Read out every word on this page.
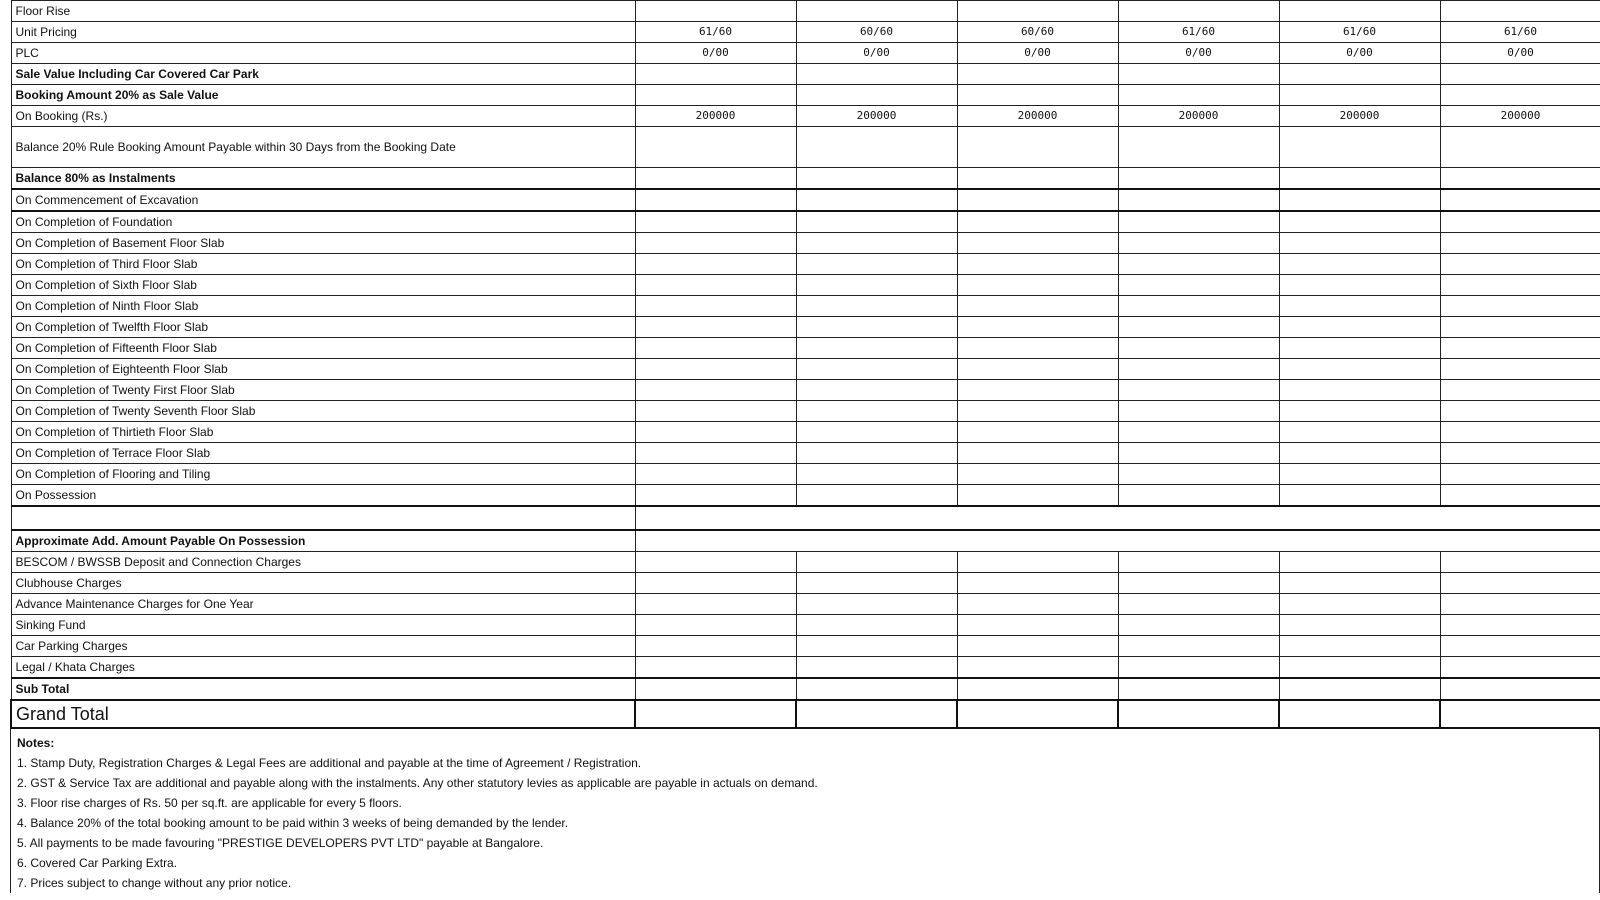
Floor Rise						
Unit Pricing	61/60	60/60	60/60	61/60	61/60	61/60
PLC	0/00	0/00	0/00	0/00	0/00	0/00
Sale Value Including Car Covered Car Park						
Booking Amount 20% as Sale Value						
On Booking (Rs.)	200000	200000	200000	200000	200000	200000
Balance 20% Rule Booking Amount Payable within 30 Days from the Booking Date						
Balance 80% as Instalments						
On Commencement of Excavation						
On Completion of Foundation						
On Completion of Basement Floor Slab						
On Completion of Third Floor Slab						
On Completion of Sixth Floor Slab						
On Completion of Ninth Floor Slab						
On Completion of Twelfth Floor Slab						
On Completion of Fifteenth Floor Slab						
On Completion of Eighteenth Floor Slab						
On Completion of Twenty First Floor Slab						
On Completion of Twenty Seventh Floor Slab						
On Completion of Thirtieth Floor Slab						
On Completion of Terrace Floor Slab						
On Completion of Flooring and Tiling						
On Possession						

Approximate Add. Amount Payable On Possession						
BESCOM / BWSSB Deposit and Connection Charges						
Clubhouse Charges						
Advance Maintenance Charges for One Year						
Sinking Fund						
Car Parking Charges						
Legal / Khata Charges						
Sub Total						
Grand Total						
Notes:
1. Stamp Duty, Registration Charges & Legal Fees are additional and payable at the time of Agreement / Registration.
2. GST & Service Tax are additional and payable along with the instalments. Any other statutory levies as applicable are payable in actuals on demand.
3. Floor rise charges of Rs. 50 per sq.ft. are applicable for every 5 floors.
4. Balance 20% of the total booking amount to be paid within 3 weeks of being demanded by the lender.
5. All payments to be made favouring "PRESTIGE DEVELOPERS PVT LTD" payable at Bangalore.
6. Covered Car Parking Extra.
7. Prices subject to change without any prior notice.
